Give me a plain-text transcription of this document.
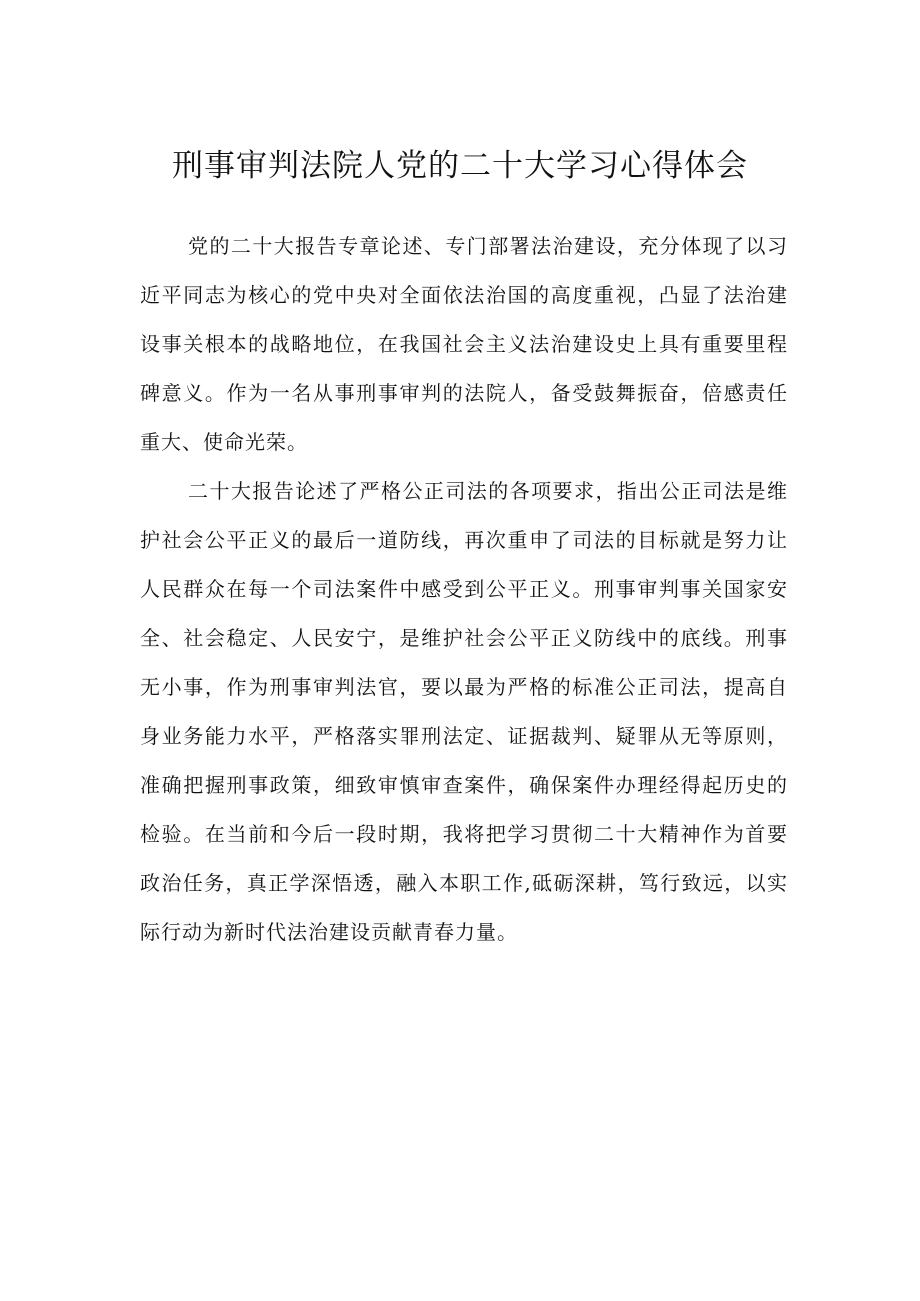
刑事审判法院人党的二十大学习心得体会

党的二十大报告专章论述、专门部署法治建设，充分体现了以习近平同志为核心的党中央对全面依法治国的高度重视，凸显了法治建设事关根本的战略地位，在我国社会主义法治建设史上具有重要里程碑意义。作为一名从事刑事审判的法院人，备受鼓舞振奋，倍感责任重大、使命光荣。

二十大报告论述了严格公正司法的各项要求，指出公正司法是维护社会公平正义的最后一道防线，再次重申了司法的目标就是努力让人民群众在每一个司法案件中感受到公平正义。刑事审判事关国家安全、社会稳定、人民安宁，是维护社会公平正义防线中的底线。刑事无小事，作为刑事审判法官，要以最为严格的标准公正司法，提高自身业务能力水平，严格落实罪刑法定、证据裁判、疑罪从无等原则，准确把握刑事政策，细致审慎审查案件，确保案件办理经得起历史的检验。在当前和今后一段时期，我将把学习贯彻二十大精神作为首要政治任务，真正学深悟透，融入本职工作,砥砺深耕，笃行致远，以实际行动为新时代法治建设贡献青春力量。
